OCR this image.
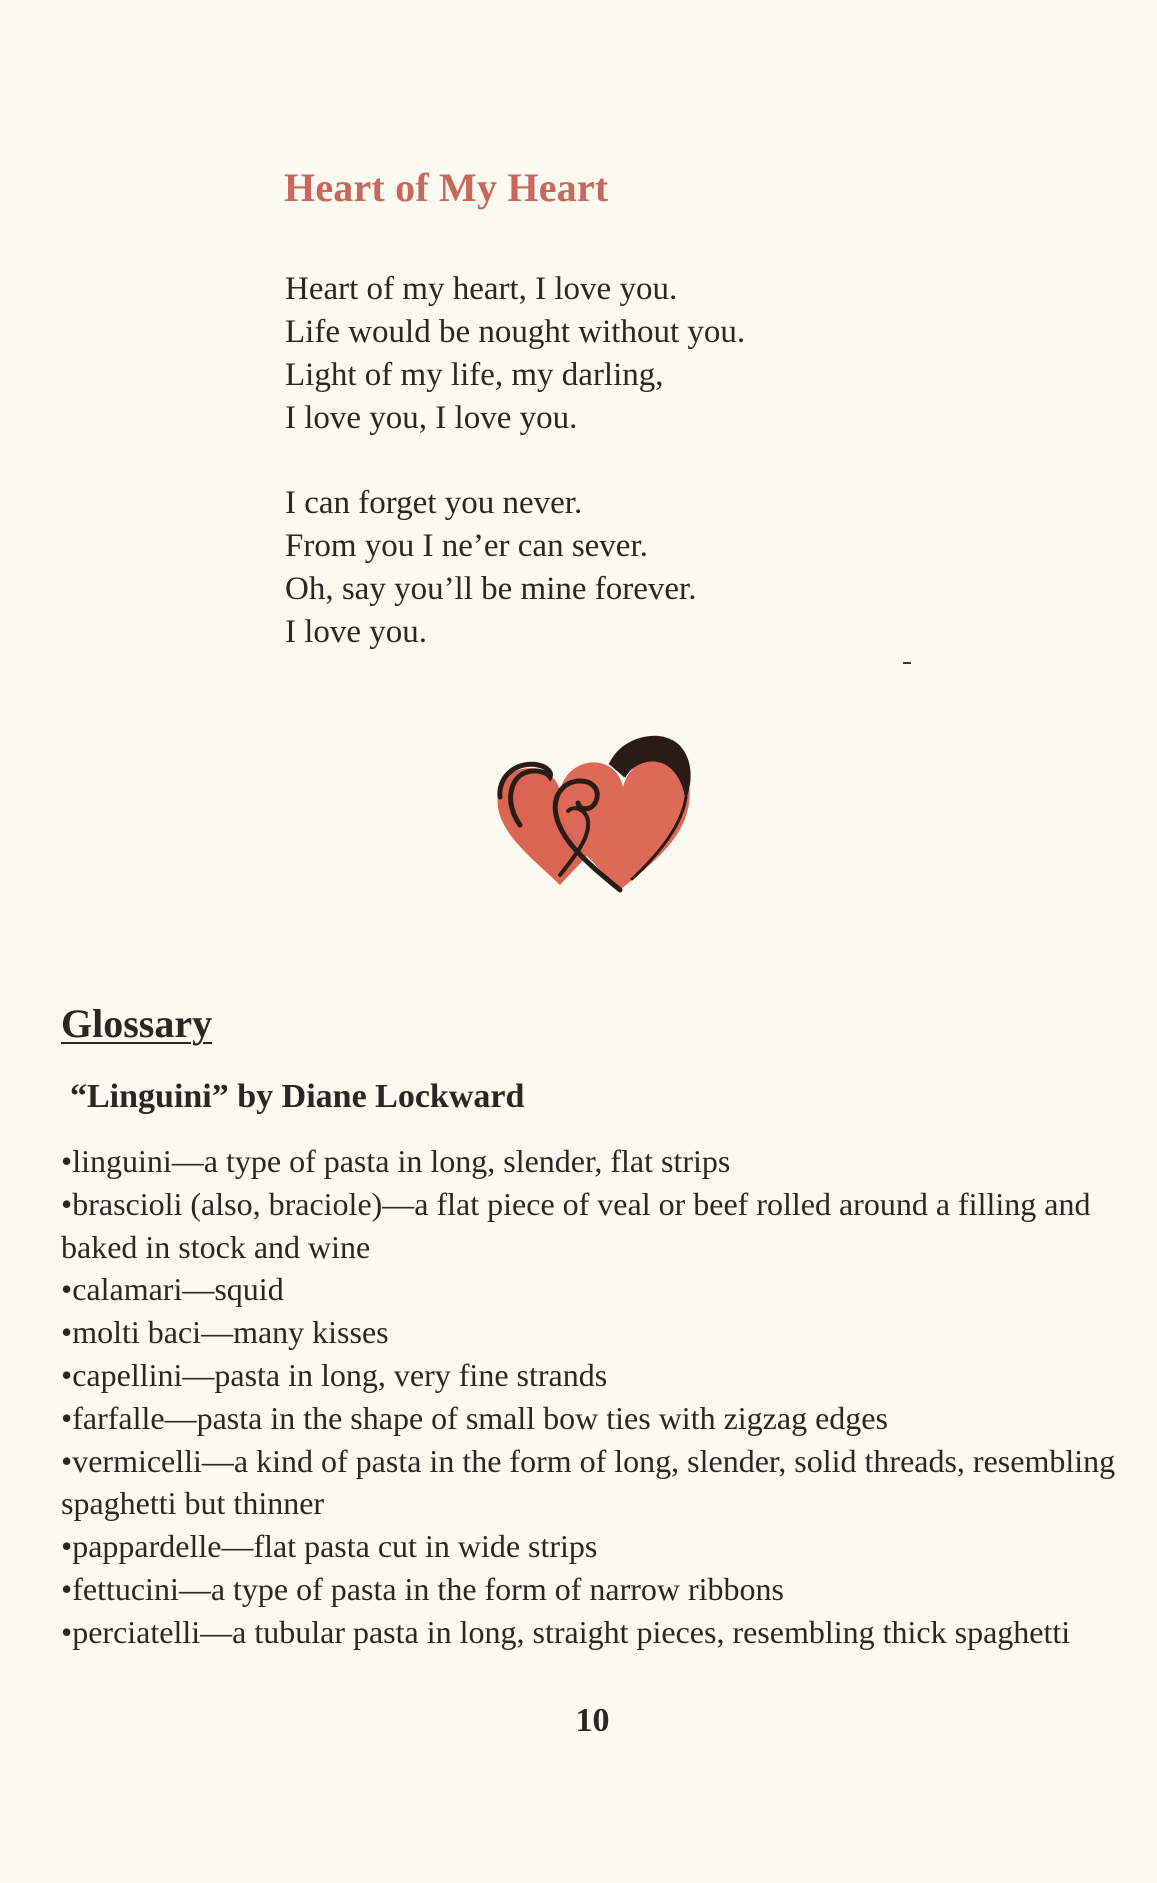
Heart of My Heart
Heart of my heart, I love you.
Life would be nought without you.
Light of my life, my darling,
I love you, I love you.
I can forget you never.
From you I ne’er can sever.
Oh, say you’ll be mine forever.
I love you.
Glossary
“Linguini” by Diane Lockward
•linguini—a type of pasta in long, slender, flat strips
•brascioli (also, braciole)—a flat piece of veal or beef rolled around a filling and baked in stock and wine
•calamari—squid
•molti baci—many kisses
•capellini—pasta in long, very fine strands
•farfalle—pasta in the shape of small bow ties with zigzag edges
•vermicelli—a kind of pasta in the form of long, slender, solid threads, resembling spaghetti but thinner
•pappardelle—flat pasta cut in wide strips
•fettucini—a type of pasta in the form of narrow ribbons
•perciatelli—a tubular pasta in long, straight pieces, resembling thick spaghetti
10
